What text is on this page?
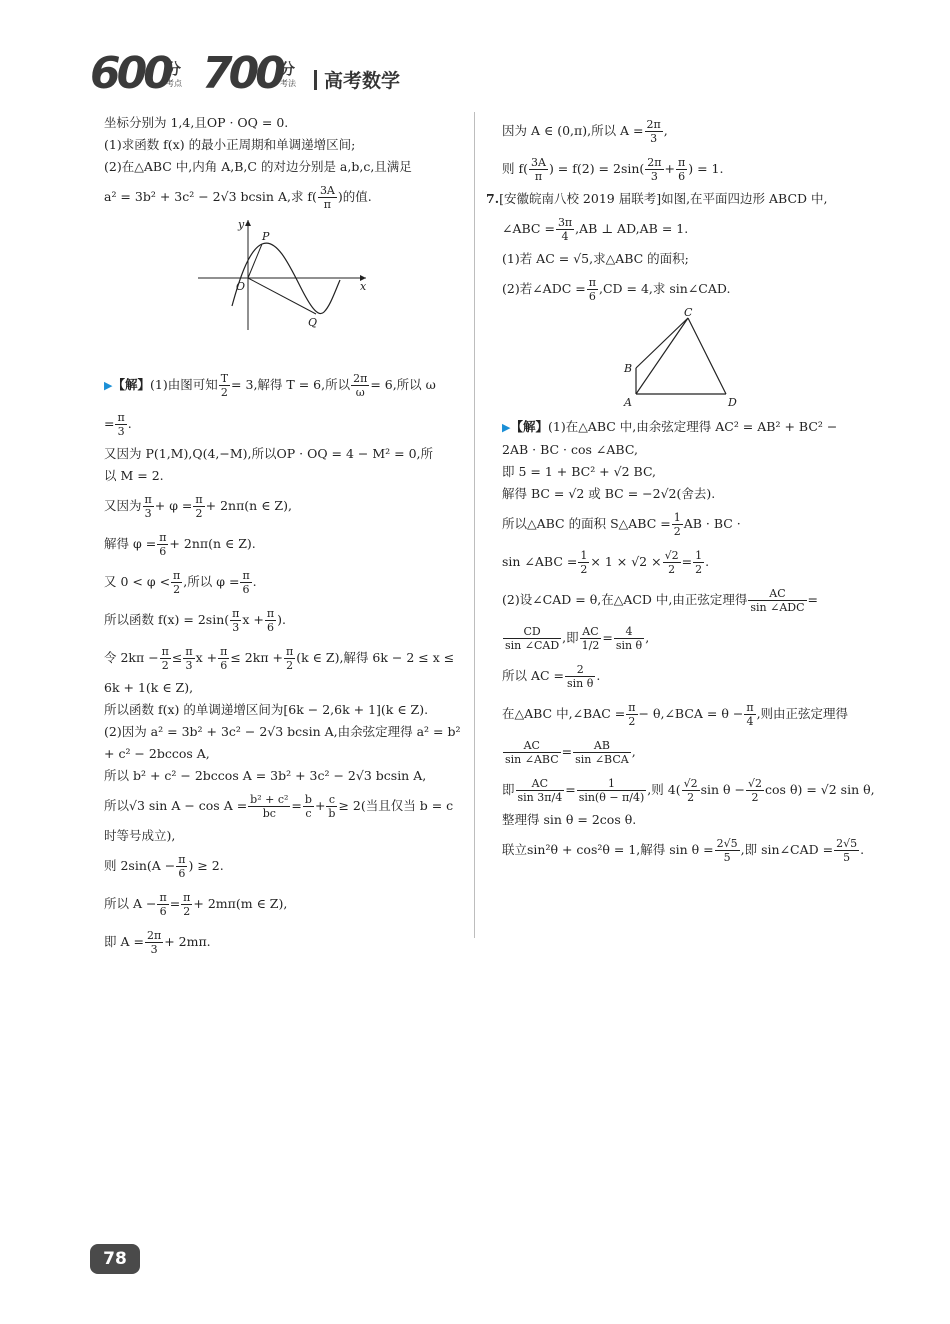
600
分
考点 700
分
考法 高考数学

坐标分别为 1,4,且OP · OQ = 0.

(1)求函数 f(x) 的最小正周期和单调递增区间;

(2)在△ABC 中,内角 A,B,C 的对边分别是 a,b,c,且满足

a² = 3b² + 3c² − 2√3 bcsin A,求 $f( \frac{3A}{\pi}$ )的值.

▶【解】(1)由图可知 $\frac{T}{2} = 3$,解得 T = 6,所以 $\frac{2\pi}{\omega} = 6$,所以 ω

= $\frac{\pi}{3}$ .

又因为 P(1,M),Q(4,−M),所以OP · OQ = 4 − M² = 0,所

以 M = 2.

又因为 $\frac{\pi}{3} + \varphi = \frac{\pi}{2} + 2n\pi(n$ ∈ Z),

解得 $\varphi = \frac{\pi}{6} + 2n\pi(n$ ∈ Z).

又 $0 < \varphi < \frac{\pi}{2}$ ,所以 $\varphi = \frac{\pi}{6}$ .

所以函数 $f(x) = 2\sin( \frac{\pi}{3}$ $x + \frac{\pi}{6}$ ).

令 $2k\pi - \frac{\pi}{2} \le \frac{\pi}{3}$ $x + \frac{\pi}{6} \le 2k\pi + \frac{\pi}{2} (k$ ∈ Z),解得 6k − 2 ≤ x ≤

6k + 1(k ∈ Z),

所以函数 f(x) 的单调递增区间为[6k − 2,6k + 1](k ∈ Z).

(2)因为 a² = 3b² + 3c² − 2√3 bcsin A,由余弦定理得 a² = b²

+ c² − 2bccos A,

所以 b² + c² − 2bccos A = 3b² + 3c² − 2√3 bcsin A,

所以√3 $\sin A - \cos A = \frac{\text{b² + c²}}{bc} = \frac{b}{c} + \frac{c}{b} \ge 2$(当且仅当 b = c

时等号成立),

则 $2\sin(A - \frac{\pi}{6}$ ) ≥ 2.

所以 $A - \frac{\pi}{6} = \frac{\pi}{2} + 2m\pi(m$ ∈ Z),

即 $A = \frac{2\pi}{3} + 2m\pi$.

y
x
O
P
Q

因为 A ∈ (0,π),所以 $A = \frac{2\pi}{3}$ ,

则 $f( \frac{3A}{\pi}$ ) = $f(2) = 2\sin( \frac{2\pi}{3} + \frac{\pi}{6}$ ) = 1.

7.[安徽皖南八校 2019 届联考]如图,在平面四边形 ABCD 中,

∠ABC = $\frac{3\pi}{4} ,AB$ ⊥ AD,AB = 1.

(1)若 AC = √5,求△ABC 的面积;

(2)若∠ADC = $\frac{\pi}{6} ,CD = 4$,求 sin∠CAD.

▶【解】(1)在△ABC 中,由余弦定理得 AC² = AB² + BC² −

2AB · BC · cos ∠ABC,

即 5 = 1 + BC² + √2 BC,

解得 BC = √2 或 BC = −2√2(舍去).

所以△ABC 的面积 S△ABC = $\frac{1}{2}$ AB · BC ·

sin ∠ABC = $\frac{1}{2} \times 1 \times √2 \times \frac{√2}{2} = \frac{1}{2}$ .

(2)设∠CAD = θ,在△ACD 中,由正弦定理得 $\frac{AC}{\text{sin ∠ADC}}$ =

$\frac{CD}{\text{sin ∠CAD}}$ ,即 $\frac{AC}{1/2} = \frac{4}{\text{sin θ}}$ ,

所以 AC = $\frac{2}{\text{sin θ}}$ .

在△ABC 中,∠BAC = $\frac{\pi}{2}$ − θ,∠BCA = $\theta - \frac{\pi}{4}$ ,则由正弦定理得

$\frac{AC}{\text{sin ∠ABC}} = \frac{AB}{\text{sin ∠BCA}}$ ,

即 $\frac{AC}{\sin 3\pi/4} = \frac{1}{\sin(\theta - \pi/4)}$ ,则 $4( \frac{√2}{2}$ $\sin \theta - \frac{√2}{2}$ cos θ) = √2 sin θ,

整理得 sin θ = 2cos θ.

联立sin²θ + cos²θ = 1,解得 $\sin \theta = \frac{2√5}{5}$ ,即 sin∠CAD = $\frac{2√5}{5}$ .

A
B
C
D
78
